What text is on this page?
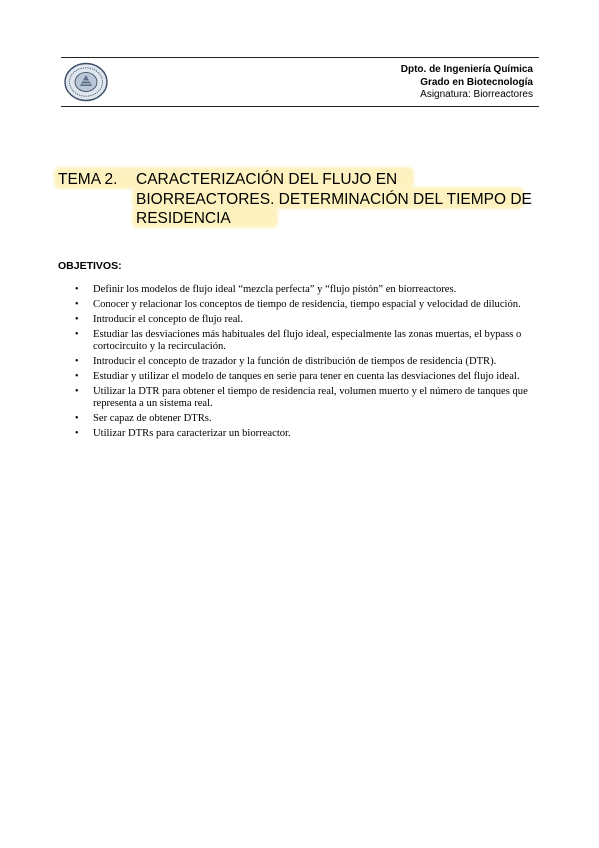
Dpto. de Ingeniería Química
Grado en Biotecnología
Asignatura: Biorreactores
TEMA 2. CARACTERIZACIÓN DEL FLUJO EN BIORREACTORES. DETERMINACIÓN DEL TIEMPO DE RESIDENCIA
OBJETIVOS:
• Definir los modelos de flujo ideal “mezcla perfecta” y “flujo pistón” en biorreactores.
• Conocer y relacionar los conceptos de tiempo de residencia, tiempo espacial y velocidad de dilución.
• Introducir el concepto de flujo real.
• Estudiar las desviaciones más habituales del flujo ideal, especialmente las zonas muertas, el bypass o cortocircuito y la recirculación.
• Introducir el concepto de trazador y la función de distribución de tiempos de residencia (DTR).
• Estudiar y utilizar el modelo de tanques en serie para tener en cuenta las desviaciones del flujo ideal.
• Utilizar la DTR para obtener el tiempo de residencia real, volumen muerto y el número de tanques que representa a un sistema real.
• Ser capaz de obtener DTRs.
• Utilizar DTRs para caracterizar un biorreactor.
